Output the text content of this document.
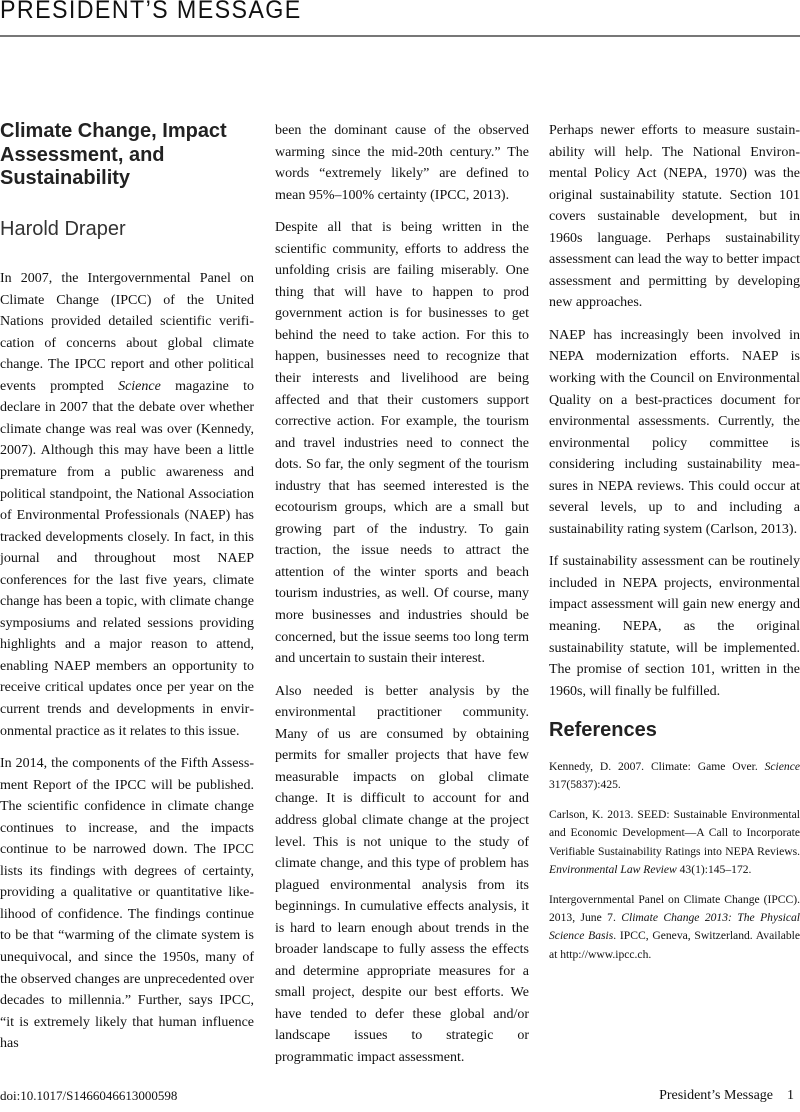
PRESIDENT’S MESSAGE
Climate Change, Impact Assessment, and Sustainability
Harold Draper

In 2007, the Intergovernmental Panel on Climate Change (IPCC) of the United Nations provided detailed scientific verification of concerns about global climate change. The IPCC report and other political events prompted Science magazine to declare in 2007 that the debate over whether climate change was real was over (Kennedy, 2007). Although this may have been a little premature from a public awareness and political standpoint, the National Association of Environmental Professionals (NAEP) has tracked developments closely. In fact, in this journal and throughout most NAEP conferences for the last five years, climate change has been a topic, with climate change symposiums and related sessions providing highlights and a major reason to attend, enabling NAEP members an opportunity to receive critical updates once per year on the current trends and developments in environmental practice as it relates to this issue.

In 2014, the components of the Fifth Assessment Report of the IPCC will be published. The scientific confidence in climate change continues to increase, and the impacts continue to be narrowed down. The IPCC lists its findings with degrees of certainty, providing a qualitative or quantitative likelihood of confidence. The findings continue to be that “warming of the climate system is unequivocal, and since the 1950s, many of the observed changes are unprecedented over decades to millennia.” Further, says IPCC, “it is extremely likely that human influence has

been the dominant cause of the observed warming since the mid-20th century.” The words “extremely likely” are defined to mean 95%–100% certainty (IPCC, 2013).

Despite all that is being written in the scientific community, efforts to address the unfolding crisis are failing miserably. One thing that will have to happen to prod government action is for businesses to get behind the need to take action. For this to happen, businesses need to recognize that their interests and livelihood are being affected and that their customers support corrective action. For example, the tourism and travel industries need to connect the dots. So far, the only segment of the tourism industry that has seemed interested is the ecotourism groups, which are a small but growing part of the industry. To gain traction, the issue needs to attract the attention of the winter sports and beach tourism industries, as well. Of course, many more businesses and industries should be concerned, but the issue seems too long term and uncertain to sustain their interest.

Also needed is better analysis by the environmental practitioner community. Many of us are consumed by obtaining permits for smaller projects that have few measurable impacts on global climate change. It is difficult to account for and address global climate change at the project level. This is not unique to the study of climate change, and this type of problem has plagued environmental analysis from its beginnings. In cumulative effects analysis, it is hard to learn enough about trends in the broader landscape to fully assess the effects and determine appropriate measures for a small project, despite our best efforts. We have tended to defer these global and/or landscape issues to strategic or programmatic impact assessment.

Perhaps newer efforts to measure sustainability will help. The National Environmental Policy Act (NEPA, 1970) was the original sustainability statute. Section 101 covers sustainable development, but in 1960s language. Perhaps sustainability assessment can lead the way to better impact assessment and permitting by developing new approaches.

NAEP has increasingly been involved in NEPA modernization efforts. NAEP is working with the Council on Environmental Quality on a best-practices document for environmental assessments. Currently, the environmental policy committee is considering including sustainability measures in NEPA reviews. This could occur at several levels, up to and including a sustainability rating system (Carlson, 2013).

If sustainability assessment can be routinely included in NEPA projects, environmental impact assessment will gain new energy and meaning. NEPA, as the original sustainability statute, will be implemented. The promise of section 101, written in the 1960s, will finally be fulfilled.

References

Kennedy, D. 2007. Climate: Game Over. Science 317(5837):425.

Carlson, K. 2013. SEED: Sustainable Environmental and Economic Development—A Call to Incorporate Verifiable Sustainability Ratings into NEPA Reviews. Environmental Law Review 43(1):145–172.

Intergovernmental Panel on Climate Change (IPCC). 2013, June 7. Climate Change 2013: The Physical Science Basis. IPCC, Geneva, Switzerland. Available at http://www.ipcc.ch.

doi:10.1017/S1466046613000598	President’s Message 1
